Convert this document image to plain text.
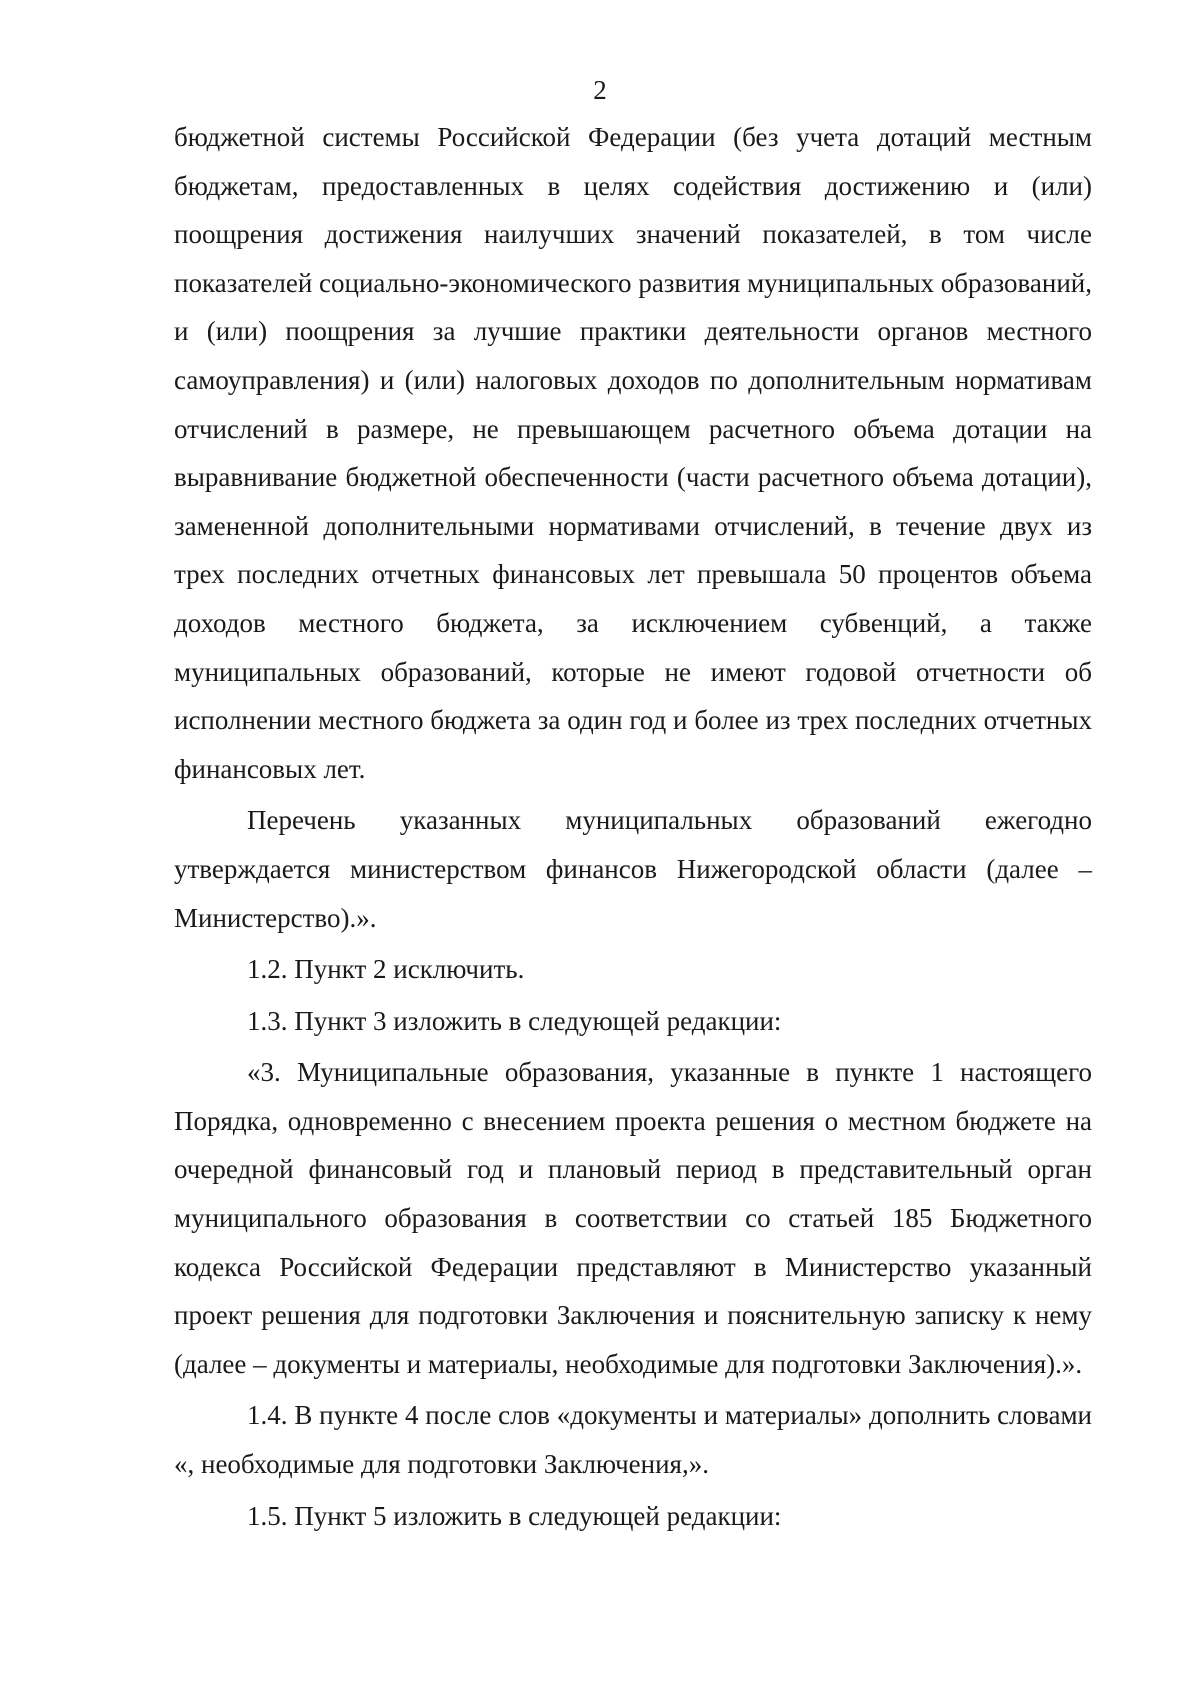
2

бюджетной системы Российской Федерации (без учета дотаций местным бюджетам, предоставленных в целях содействия достижению и (или) поощрения достижения наилучших значений показателей, в том числе показателей социально-экономического развития муниципальных образований, и (или) поощрения за лучшие практики деятельности органов местного самоуправления) и (или) налоговых доходов по дополнительным нормативам отчислений в размере, не превышающем расчетного объема дотации на выравнивание бюджетной обеспеченности (части расчетного объема дотации), замененной дополнительными нормативами отчислений, в течение двух из трех последних отчетных финансовых лет превышала 50 процентов объема доходов местного бюджета, за исключением субвенций, а также муниципальных образований, которые не имеют годовой отчетности об исполнении местного бюджета за один год и более из трех последних отчетных финансовых лет.

Перечень указанных муниципальных образований ежегодно утверждается министерством финансов Нижегородской области (далее – Министерство).».

1.2. Пункт 2 исключить.

1.3. Пункт 3 изложить в следующей редакции:

«3. Муниципальные образования, указанные в пункте 1 настоящего Порядка, одновременно с внесением проекта решения о местном бюджете на очередной финансовый год и плановый период в представительный орган муниципального образования в соответствии со статьей 185 Бюджетного кодекса Российской Федерации представляют в Министерство указанный проект решения для подготовки Заключения и пояснительную записку к нему (далее – документы и материалы, необходимые для подготовки Заключения).».

1.4. В пункте 4 после слов «документы и материалы» дополнить словами «, необходимые для подготовки Заключения,».

1.5. Пункт 5 изложить в следующей редакции:
